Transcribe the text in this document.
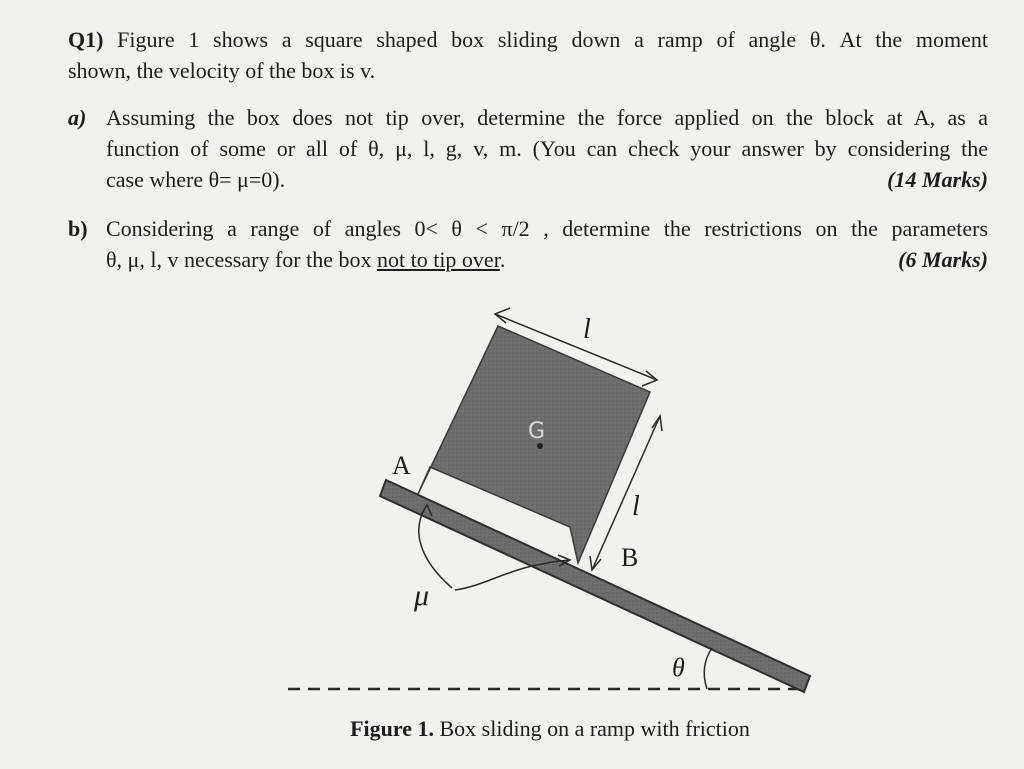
Q1) Figure 1 shows a square shaped box sliding down a ramp of angle θ. At the moment
shown, the velocity of the box is v.
a) Assuming the box does not tip over, determine the force applied on the block at A, as a
function of some or all of θ, μ, l, g, v, m. (You can check your answer by considering the
case where θ= μ=0).	(14 Marks)
b) Considering a range of angles 0< θ < π/2 , determine the restrictions on the parameters
θ, μ, l, v necessary for the box not to tip over.	(6 Marks)
l
l
G
A
B
μ
θ
Figure 1. Box sliding on a ramp with friction
